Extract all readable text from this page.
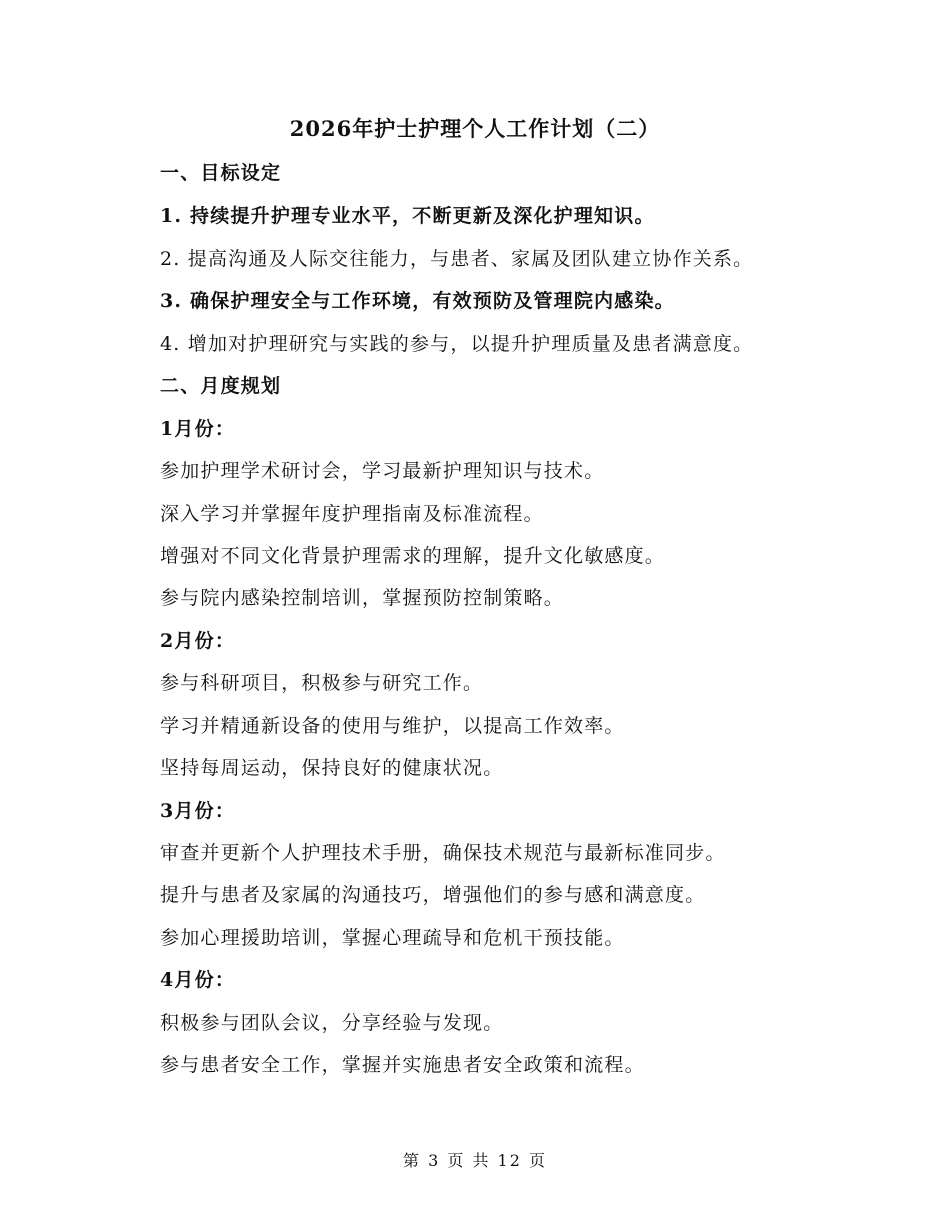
2026年护士护理个人工作计划（二）
一、目标设定
1. 持续提升护理专业水平，不断更新及深化护理知识。
2. 提高沟通及人际交往能力，与患者、家属及团队建立协作关系。
3. 确保护理安全与工作环境，有效预防及管理院内感染。
4. 增加对护理研究与实践的参与，以提升护理质量及患者满意度。
二、月度规划
1月份：
参加护理学术研讨会，学习最新护理知识与技术。
深入学习并掌握年度护理指南及标准流程。
增强对不同文化背景护理需求的理解，提升文化敏感度。
参与院内感染控制培训，掌握预防控制策略。
2月份：
参与科研项目，积极参与研究工作。
学习并精通新设备的使用与维护，以提高工作效率。
坚持每周运动，保持良好的健康状况。
3月份：
审查并更新个人护理技术手册，确保技术规范与最新标准同步。
提升与患者及家属的沟通技巧，增强他们的参与感和满意度。
参加心理援助培训，掌握心理疏导和危机干预技能。
4月份：
积极参与团队会议，分享经验与发现。
参与患者安全工作，掌握并实施患者安全政策和流程。
第 3 页 共 12 页
